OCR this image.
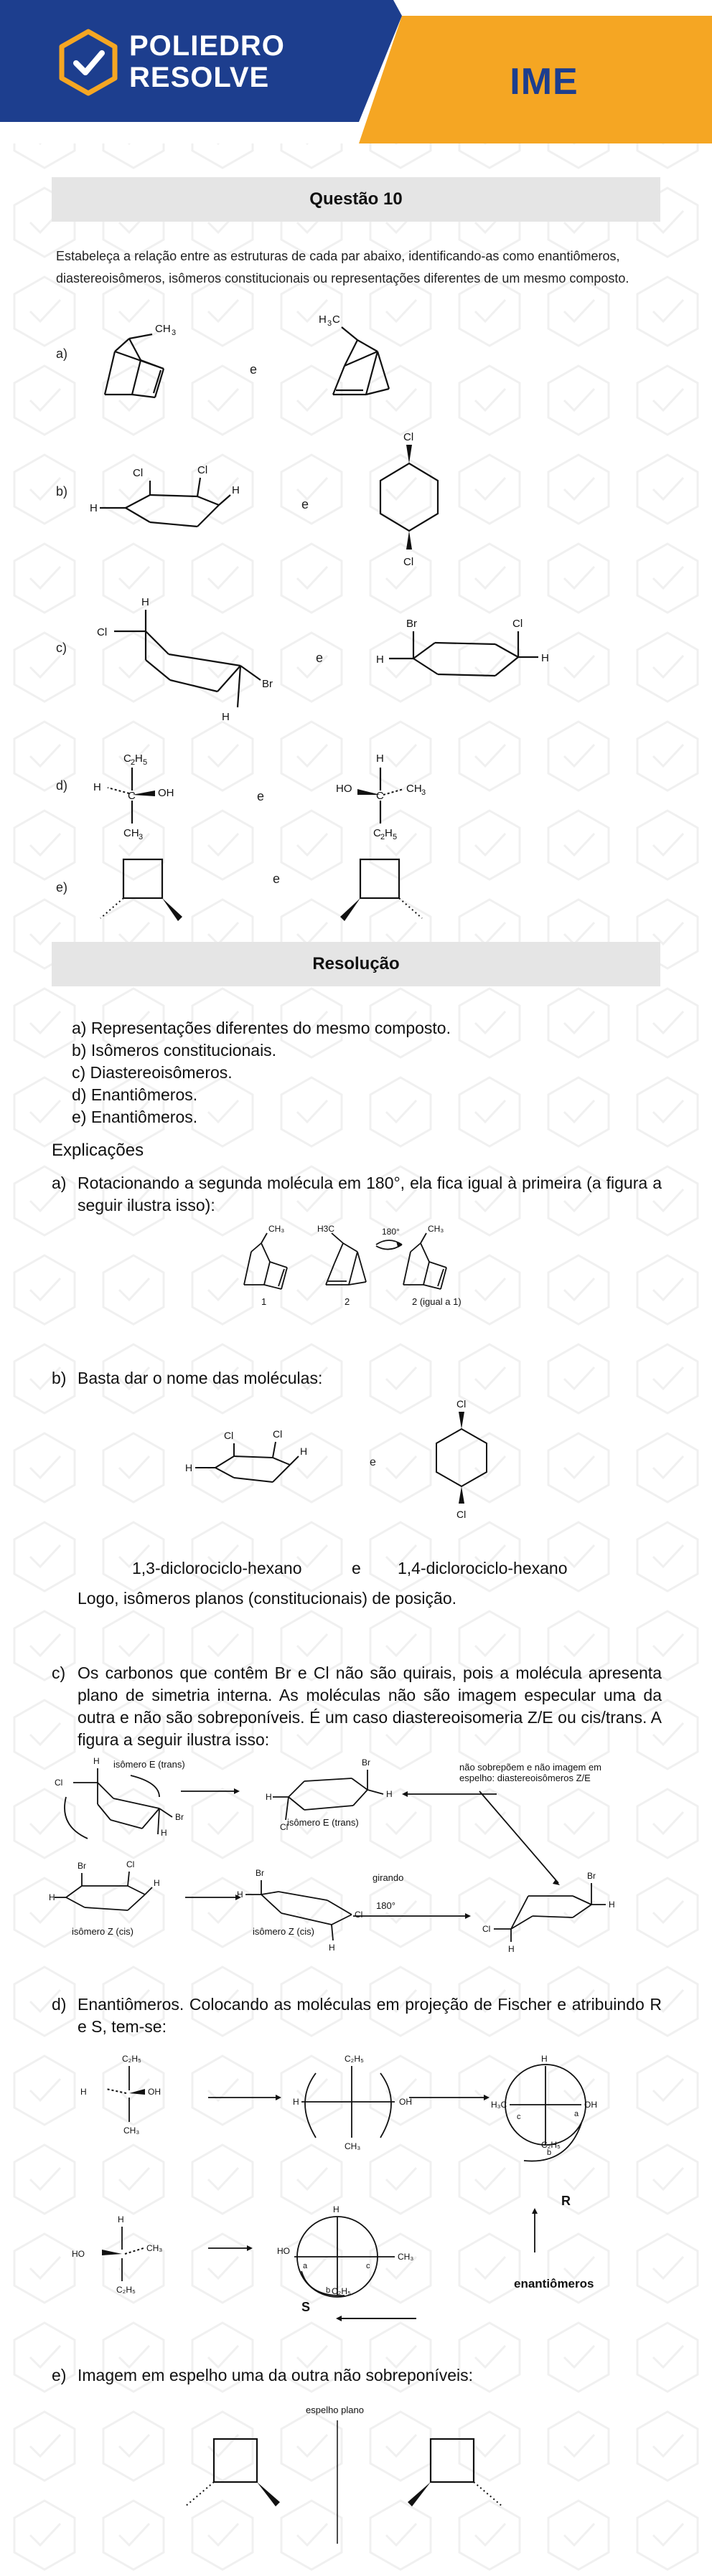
POLIEDRO
RESOLVE	IME
Questão 10
Estabeleça a relação entre as estruturas de cada par abaixo, identificando-as como enantiômeros, diastereoisômeros, isômeros constitucionais ou representações diferentes de um mesmo composto.
a)
e
CH 3
H 3 C
b)
e
Cl	Cl
H
H
Cl
Cl
c)
e
H
Cl
Br
H
Br
H
Cl
H
d)
e
C 2 H 5
H	OH
C
CH 3
H
HO
C
CH 3
C 2 H 5
e)
e
Resolução
a) Representações diferentes do mesmo composto.
b) Isômeros constitucionais.
c) Diastereoisômeros.
d) Enantiômeros.
e) Enantiômeros.
Explicações
a) Rotacionando a segunda molécula em 180°, ela fica igual à primeira (a figura a seguir ilustra isso):
CH₃	H3C	CH₃
180°
1	2	2 (igual a 1)
b) Basta dar o nome das moléculas:
Cl	Cl
H
H
e
Cl
Cl
1,3-diclorociclo-hexano	e 1,4-diclorociclo-hexano
Logo, isômeros planos (constitucionais) de posição.
c) Os carbonos que contêm Br e Cl não são quirais, pois a molécula apresenta plano de simetria interna. As moléculas não são imagem especular uma da outra e não são sobreponíveis. É um caso diastereoisomeria Z/E ou cis/trans. A figura a seguir ilustra isso:
H
Cl
H
Br
Br
H
H
Cl
Br	Cl
H
H
Br
H
Cl
H
Br
H
Cl
H
isômero E (trans)
isômero E (trans)
isômero Z (cis)	isômero Z (cis)
não sobrepõem e não imagem em espelho: diastereoisômeros Z/E
girando
180°
d) Enantiômeros. Colocando as moléculas em projeção de Fischer e atribuindo R e S, tem-se:
C₂H₅
H	OH
CH₃
C₂H₅
H	OH
CH₃
H
H₃C	OH
C₂H₅
c	a
b
H
HO
CH₃
C₂H₅
H
HO
CH₃
C₂H₅
a
b
c
R
S
enantiômeros
e) Imagem em espelho uma da outra não sobreponíveis:
espelho plano
